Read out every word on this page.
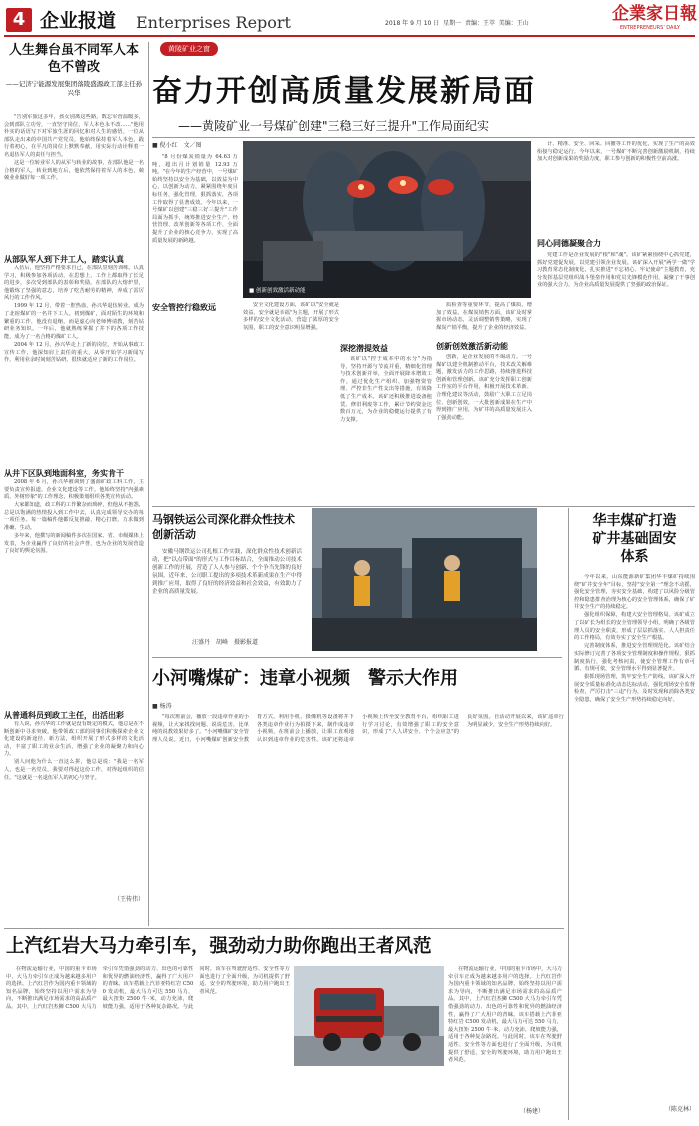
4 企业报道 Enterprises Report	企業家日報
ENTREPRENEURS' DAILY
2018 年 9 月 10 日 星期一 责编：王萃 美编：王山
人生舞台虽不同军人本色不曾改
——记济宁能源发展集团落陵盛源政工部主任孙兴华

"告别军旅这多年，孩女别离这些路，数忘军营温暖多，会到部队立功劳，一直坚守岗位，军人本色永不改……"他用朴实的话语写下对军旅生涯的回忆和对人生的感悟。一位从部队走出来的中国共产党党员，他始终保持着军人本色，践行着初心，在平凡的岗位上默默奉献，用实际行动诠释着一名退伍军人的责任与担当。

这是一位转业军人的从军与转业的故事，在部队他是一名合格的军人，转业到地方后，他依然保持着军人的本色，兢兢业业做好每一项工作。

从部队军人到下井工人，踏实认真

入伍后，他坚持严格要求自己，在部队里刻苦训练，认真学习，积极参加各项活动，在思想上、工作上都取得了长足的进步，多次受到部队的表彰和奖励。在部队的大熔炉里，他锻炼了坚强的意志，培养了吃苦耐劳的精神，养成了雷厉风行的工作作风。

1999 年 12 月，带着一腔热血，孙兴华退伍转业。成为了北宿煤矿的一名井下工人。初到煤矿，面对陌生的环境和繁重的工作，他没有退缩，而是虚心向老师傅请教，刻苦钻研业务知识。一年后，他就熟练掌握了井下的各项工作技能，成为了一名合格的煤矿工人。

2004 年 12 月，孙兴华走上了新的岗位，开始从事政工宣传工作，他深知肩上责任的重大，从零开始学习新闻写作，利用业余时间刻苦钻研，很快就适应了新的工作岗位。

从井下区队到地面科室，务实肯干

2008 年 6 月，孙兴华被调到了盛源矿政工科工作，主要负责宣传报道、企业文化建设等工作。他始终坚持"内强素质、外树形象"的工作理念，积极策划组织各类宣传活动。

大家都知道，政工科的工作繁杂而琐碎，但他从不抱怨，总是以饱满的热情投入到工作中去，认真完成领导交办的每一项任务。每一篇稿件他都反复推敲、精心打磨，力求做到准确、生动。

多年来，他撰写的新闻稿件多次在国家、省、市级媒体上发表，为企业赢得了良好的社会声誉，也为企业的发展营造了良好的舆论氛围。

从普通科员到政工主任，出活出彩

有人说，孙兴华的工作就是没有既定的模式，他总是在不断创新中寻求突破。他带领政工部的同事们积极探索企业文化建设的新途径、新方法，组织开展了形式多样的文化活动，丰富了职工的业余生活，增强了企业的凝聚力和向心力。

别人问他为什么一直这么拼，他总是说："我是一名军人，也是一名党员，我要对得起这份工作，对得起组织的信任。"这就是一名退伍军人的初心与坚守。

（王传伟）
黄陵矿业之窗
奋力开创高质量发展新局面
——黄陵矿业一号煤矿创建"三稳三好三提升"工作局面纪实
■ 倪小红　文／图

"8 月份煤炭销量为 64.63 万吨，超出月计划销量 12.93 万吨。"在今年的生产经营中，一号煤矿始终坚持以安全为基础，以效益为中心，以创新为动力，紧紧围绕年度目标任务，强化管理，狠抓落实，各项工作取得了显著成效。今年以来，一号煤矿以创建"三稳三好三提升"工作局面为抓手，统筹推进安全生产、经营管理、改革创新等各项工作，全面提升了企业的核心竞争力，实现了高质量发展的新跨越。

安全管控行稳致远
■ 创新创效激活新动能

安全文化建设方面，该矿以"安全就是效益、安全就是幸福"为主题，开展了形式多样的安全文化活动，营造了浓厚的安全氛围，职工的安全意识明显增强。

深挖潜提效益

该矿以"控于成本中的水分"为指导，坚持开源与节流并重，精细化管理与技术创新并举，全面开展降本增效工作。通过优化生产组织、加强物资管理、严控非生产性支出等措施，有效降低了生产成本。该矿还积极推进设备租赁、修旧利废等工作，累计节约资金达数百万元，为企业的稳健运行提供了有力支撑。

质检查等重要环节，提高了煤质，增加了效益。在煤炭销售方面，该矿及时掌握市场动态，灵活调整销售策略，实现了煤炭产销平衡，提升了企业的经济效益。

创新创效激活新动能

创新，是企业发展的不竭动力。一号煤矿以建全机制推动平台，技术改关解难题，激发活力的工作思路，持续推进科技创新和管理创新。该矿充分发挥职工创新工作室的平台作用，积极开展技术革新、合理化建议等活动，鼓励广大职工立足岗位、创新创效，一大批创新成果在生产中得到推广应用，为矿井的高质量发展注入了强劲动能。

计、精准、安全、回采、回撤等工作的优化，实现了生产的高效衔接与稳定运行。今年以来，一号煤矿不断完善创新激励机制，持续加大对创新成果的奖励力度，职工参与创新的积极性空前高涨。

同心同德凝聚合力

党建工作是企业发展的"根"和"魂"。该矿紧紧围绕中心抓党建，抓好党建促发展，以党建引领企业发展。该矿深入开展"两学一做"学习教育常态化制度化，扎实推进"不忘初心、牢记使命"主题教育，充分发挥基层党组织战斗堡垒作用和党员先锋模范作用，凝聚了干事创业的强大合力，为企业高质量发展提供了坚强的政治保证。

马钢铁运公司深化群众性技术创新活动

安徽马钢铁运公司扎根工作实践，深化群众性技术创新活动，把"以点带面"的形式与工作目标结合，全面推动公司技术创新工作的开展，营造了人人参与创新、个个争当先锋的良好氛围。近年来，公司职工提出的多项技术革新成果在生产中得到推广应用，取得了良好的经济效益和社会效益，有效助力了企业的高质量发展。

汪盛丹　胡峰　摄影报道
华丰煤矿打造矿井基础固安体系

今年以来，山东能源新矿集团华丰煤矿持续围绕"矿井安全年"目标，坚持"安全第一"理念不动摇，强化安全管理，夯实安全基础，构建了以风险分级管控和隐患排查治理为核心的安全管理体系，确保了矿井安全生产的持续稳定。

强化组织保障，构建大安全管理格局。该矿成立了以矿长为组长的安全管理领导小组，明确了各级管理人员的安全职责，形成了层层抓落实、人人担责任的工作格局，有效夯实了安全生产根基。

完善制度体系，推进安全管理规范化。该矿结合实际修订完善了各项安全管理制度和操作规程，狠抓制度执行，强化考核问责，使安全管理工作有章可循、有规可依，安全管理水平得到显著提升。

狠抓现场管理，筑牢安全生产防线。该矿深入开展安全质量标准化动态达标活动，强化现场安全监督检查，严厉打击"三违"行为，及时发现和消除各类安全隐患，确保了安全生产形势持续稳定向好。

（陈克林）
小河嘴煤矿：违章小视频　警示大作用
■ 杨涛

"每次班前会，播放一段违章作业的小视频，让大家找找问题、说说危害，比单纯的说教效果好多了。"小河嘴煤矿安全管理人员说。近日，小河嘴煤矿创新安全教育方式，利用手机、摄像机等设备将井下各类违章作业行为拍摄下来，制作成违章小视频，在班前会上播放，让职工直观地认识到违章作业的危害性。该矿还将违章小视频上传至安全教育平台，组织职工进行学习讨论，有效增强了职工的安全意识，形成了"人人讲安全、个个会应急"的良好氛围。自活动开展以来，该矿违章行为明显减少，安全生产形势持续向好。

上汽红岩大马力牵引车，强劲动力助你跑出王者风范

在物流运输行业，中国的重卡市场中，大马力牵引车正成为越来越多用户的选择。上汽红岩作为国内重卡领域的知名品牌，始终坚持以用户需求为导向，不断推出满足市场需求的高品质产品。其中，上汽红岩杰狮 C500 大马力牵引车凭借强劲的动力、出色的可靠性和优异的燃油经济性，赢得了广大用户的青睐。该车搭载上汽菲亚特红岩 C500 发动机，最大马力可达 550 马力，最大扭矩 2500 牛·米，动力充沛，爬坡能力强，适用于各种复杂路况。与此同时，该车在驾驶舒适性、安全性等方面也进行了全面升级，为司机提供了舒适、安全的驾驶环境，助力用户跑出王者风范。

在物流运输行业，中国的重卡市场中，大马力牵引车正成为越来越多用户的选择。上汽红岩作为国内重卡领域的知名品牌，始终坚持以用户需求为导向，不断推出满足市场需求的高品质产品。其中，上汽红岩杰狮 C500 大马力牵引车凭借强劲的动力、出色的可靠性和优异的燃油经济性，赢得了广大用户的青睐。该车搭载上汽菲亚特红岩 C500 发动机，最大马力可达 550 马力，最大扭矩 2500 牛·米，动力充沛，爬坡能力强，适用于各种复杂路况。与此同时，该车在驾驶舒适性、安全性等方面也进行了全面升级，为司机提供了舒适、安全的驾驶环境，助力用户跑出王者风范。

（杨建）
